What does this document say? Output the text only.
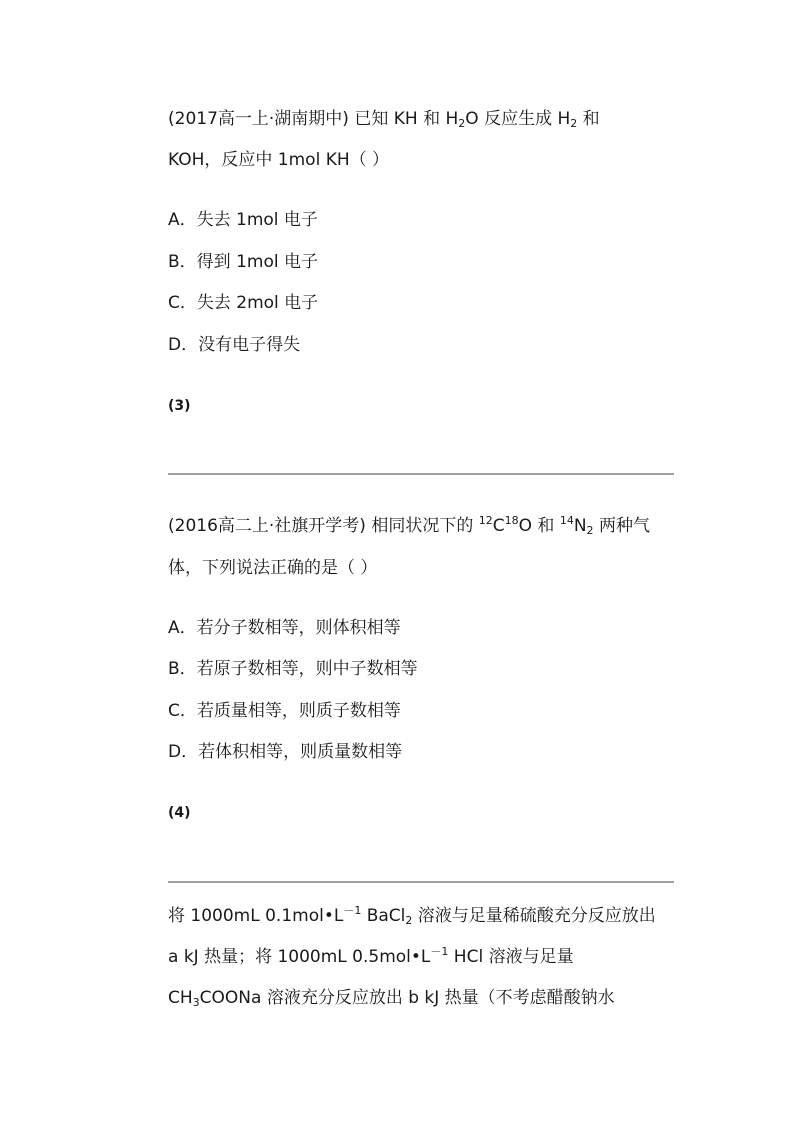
(2017高一上·湖南期中) 已知 KH 和 $H_2O$ 反应生成 $H_2$ 和
KOH，反应中 1mol KH（ ）
A．失去 1mol 电子
B．得到 1mol 电子
C．失去 2mol 电子
D．没有电子得失
(3)
(2016高二上·社旗开学考) 相同状况下的 $^{12}C^{18}O$ 和 $^{14}N_2$ 两种气
体，下列说法正确的是（ ）
A．若分子数相等，则体积相等
B．若原子数相等，则中子数相等
C．若质量相等，则质子数相等
D．若体积相等，则质量数相等
(4)
将 1000mL $0.1mol•L^{-1}$ BaCl$_2$ 溶液与足量稀硫酸充分反应放出
a kJ 热量；将 1000mL $0.5mol•L^{-1}$ HCl 溶液与足量
$CH_3COONa$ 溶液充分反应放出 b kJ 热量（不考虑醋酸钠水
